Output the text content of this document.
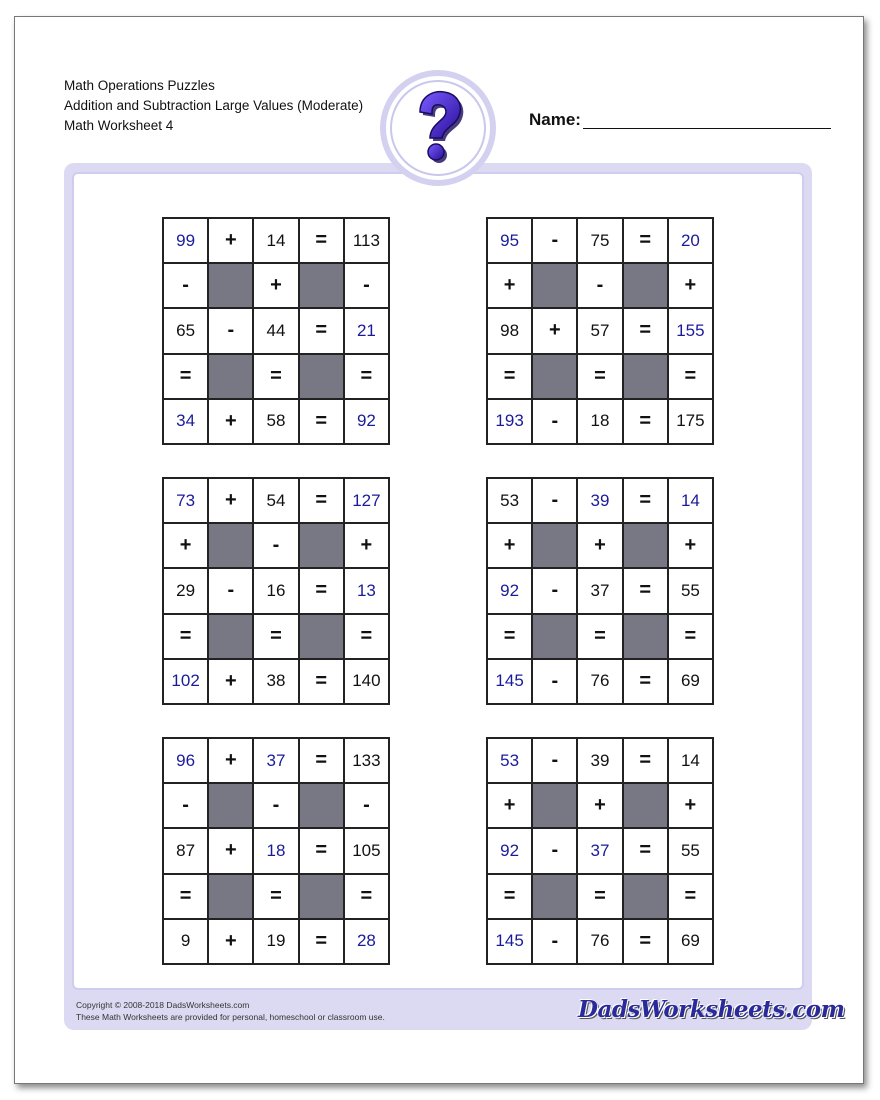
Math Operations Puzzles
Addition and Subtraction Large Values (Moderate)
Math Worksheet 4	Name:
99	+	14	=	113
-	+	-
65	-	44	=	21
=	=	=
34	+	58	=	92
95	-	75	=	20
+	-	+
98	+	57	=	155
=	=	=
193	-	18	=	175
73	+	54	=	127
+	-	+
29	-	16	=	13
=	=	=
102	+	38	=	140
53	-	39	=	14
+	+	+
92	-	37	=	55
=	=	=
145	-	76	=	69
96	+	37	=	133
-	-	-
87	+	18	=	105
=	=	=
9	+	19	=	28
53	-	39	=	14
+	+	+
92	-	37	=	55
=	=	=
145	-	76	=	69
Copyright © 2008-2018 DadsWorksheets.com
These Math Worksheets are provided for personal, homeschool or classroom use.	DadsWorksheets.com
